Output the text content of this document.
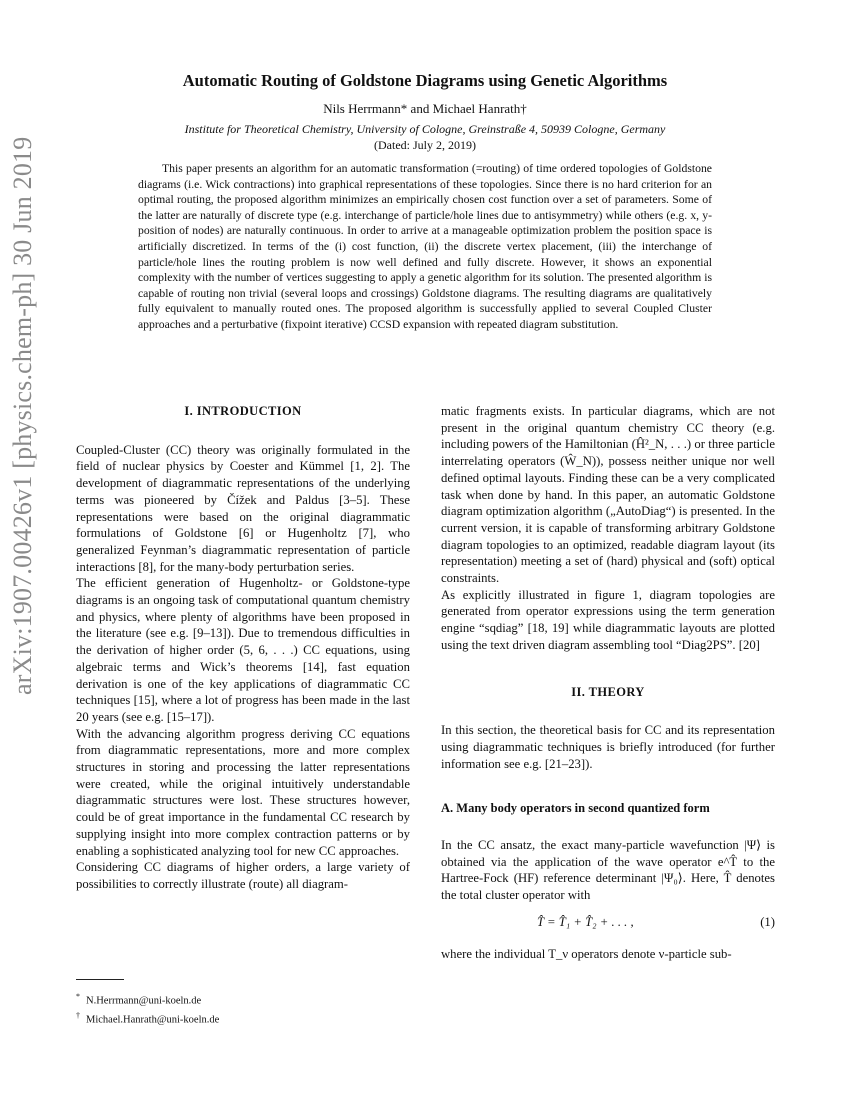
arXiv:1907.00426v1 [physics.chem-ph] 30 Jun 2019
Automatic Routing of Goldstone Diagrams using Genetic Algorithms
Nils Herrmann* and Michael Hanrath†
Institute for Theoretical Chemistry, University of Cologne, Greinstraße 4, 50939 Cologne, Germany
(Dated: July 2, 2019)
This paper presents an algorithm for an automatic transformation (=routing) of time ordered topologies of Goldstone diagrams (i.e. Wick contractions) into graphical representations of these topologies. Since there is no hard criterion for an optimal routing, the proposed algorithm minimizes an empirically chosen cost function over a set of parameters. Some of the latter are naturally of discrete type (e.g. interchange of particle/hole lines due to antisymmetry) while others (e.g. x, y-position of nodes) are naturally continuous. In order to arrive at a manageable optimization problem the position space is artificially discretized. In terms of the (i) cost function, (ii) the discrete vertex placement, (iii) the interchange of particle/hole lines the routing problem is now well defined and fully discrete. However, it shows an exponential complexity with the number of vertices suggesting to apply a genetic algorithm for its solution. The presented algorithm is capable of routing non trivial (several loops and crossings) Goldstone diagrams. The resulting diagrams are qualitatively fully equivalent to manually routed ones. The proposed algorithm is successfully applied to several Coupled Cluster approaches and a perturbative (fixpoint iterative) CCSD expansion with repeated diagram substitution.
I. INTRODUCTION

Coupled-Cluster (CC) theory was originally formulated in the field of nuclear physics by Coester and Kümmel [1, 2]. The development of diagrammatic representations of the underlying terms was pioneered by Čížek and Paldus [3–5]. These representations were based on the original diagrammatic formulations of Goldstone [6] or Hugenholtz [7], who generalized Feynman’s diagrammatic representation of particle interactions [8], for the many-body perturbation series.

The efficient generation of Hugenholtz- or Goldstone-type diagrams is an ongoing task of computational quantum chemistry and physics, where plenty of algorithms have been proposed in the literature (see e.g. [9–13]). Due to tremendous difficulties in the derivation of higher order (5, 6, . . .) CC equations, using algebraic terms and Wick’s theorems [14], fast equation derivation is one of the key applications of diagrammatic CC techniques [15], where a lot of progress has been made in the last 20 years (see e.g. [15–17]).

With the advancing algorithm progress deriving CC equations from diagrammatic representations, more and more complex structures in storing and processing the latter representations were created, while the original intuitively understandable diagrammatic structures were lost. These structures however, could be of great importance in the fundamental CC research by supplying insight into more complex contraction patterns or by enabling a sophisticated analyzing tool for new CC approaches.

Considering CC diagrams of higher orders, a large variety of possibilities to correctly illustrate (route) all diagram-

matic fragments exists. In particular diagrams, which are not present in the original quantum chemistry CC theory (e.g. including powers of the Hamiltonian (Ĥ²_N, . . .) or three particle interrelating operators (Ŵ_N)), possess neither unique nor well defined optimal layouts. Finding these can be a very complicated task when done by hand. In this paper, an automatic Goldstone diagram optimization algorithm („AutoDiag“) is presented. In the current version, it is capable of transforming arbitrary Goldstone diagram topologies to an optimized, readable diagram layout (its representation) meeting a set of (hard) physical and (soft) optical constraints.

As explicitly illustrated in figure 1, diagram topologies are generated from operator expressions using the term generation engine “sqdiag” [18, 19] while diagrammatic layouts are plotted using the text driven diagram assembling tool “Diag2PS”. [20]

II. THEORY

In this section, the theoretical basis for CC and its representation using diagrammatic techniques is briefly introduced (for further information see e.g. [21–23]).

A. Many body operators in second quantized form

In the CC ansatz, the exact many-particle wavefunction |Ψ⟩ is obtained via the application of the wave operator e^T̂ to the Hartree-Fock (HF) reference determinant |Ψ₀⟩. Here, T̂ denotes the total cluster operator with

T̂ = T̂₁ + T̂₂ + . . . ,	(1)

where the individual T_ν operators denote ν-particle sub-

* N.Herrmann@uni-koeln.de
† Michael.Hanrath@uni-koeln.de
